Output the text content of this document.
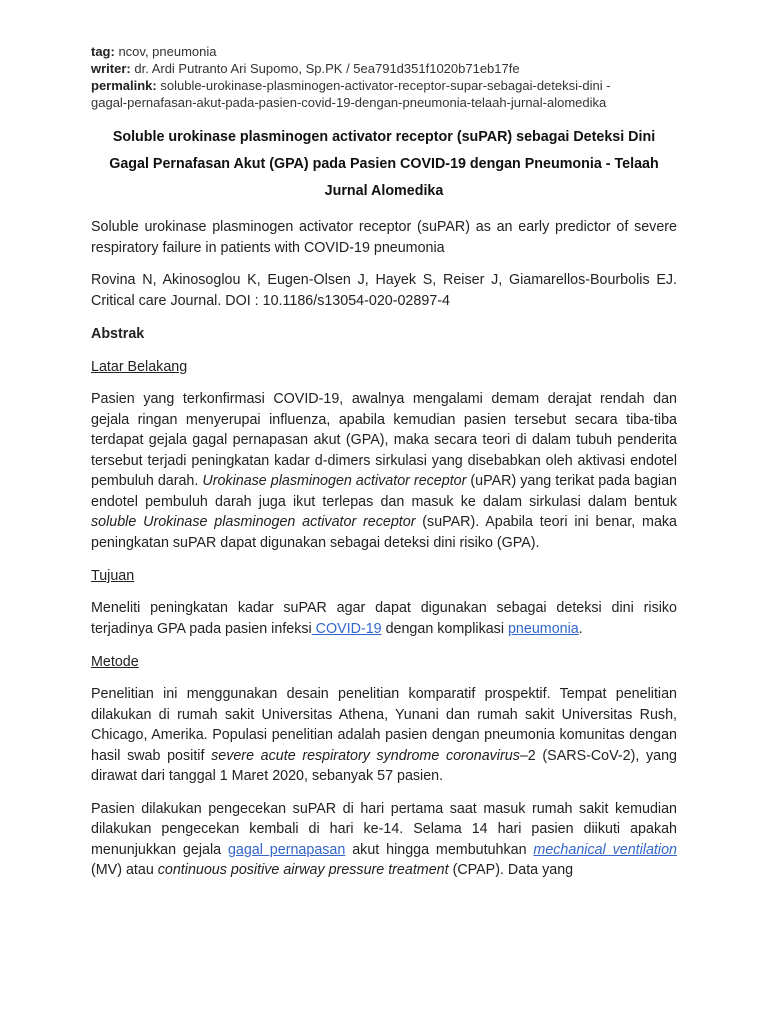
tag: ncov, pneumonia
writer: dr. Ardi Putranto Ari Supomo, Sp.PK / 5ea791d351f1020b71eb17fe
permalink: soluble-urokinase-plasminogen-activator-receptor-supar-sebagai-deteksi-dini -
gagal-pernafasan-akut-pada-pasien-covid-19-dengan-pneumonia-telaah-jurnal-alomedika
Soluble urokinase plasminogen activator receptor (suPAR) sebagai Deteksi Dini Gagal Pernafasan Akut (GPA) pada Pasien COVID-19 dengan Pneumonia - Telaah Jurnal Alomedika

Soluble urokinase plasminogen activator receptor (suPAR) as an early predictor of severe respiratory failure in patients with COVID-19 pneumonia

Rovina N, Akinosoglou K, Eugen-Olsen J, Hayek S, Reiser J, Giamarellos-Bourbolis EJ. Critical care Journal. DOI : 10.1186/s13054-020-02897-4

Abstrak
Latar Belakang

Pasien yang terkonfirmasi COVID-19, awalnya mengalami demam derajat rendah dan gejala ringan menyerupai influenza, apabila kemudian pasien tersebut secara tiba-tiba terdapat gejala gagal pernapasan akut (GPA), maka secara teori di dalam tubuh penderita tersebut terjadi peningkatan kadar d-dimers sirkulasi yang disebabkan oleh aktivasi endotel pembuluh darah. Urokinase plasminogen activator receptor (uPAR) yang terikat pada bagian endotel pembuluh darah juga ikut terlepas dan masuk ke dalam sirkulasi dalam bentuk soluble Urokinase plasminogen activator receptor (suPAR). Apabila teori ini benar, maka peningkatan suPAR dapat digunakan sebagai deteksi dini risiko (GPA).

Tujuan

Meneliti peningkatan kadar suPAR agar dapat digunakan sebagai deteksi dini risiko terjadinya GPA pada pasien infeksi COVID-19 dengan komplikasi pneumonia.

Metode

Penelitian ini menggunakan desain penelitian komparatif prospektif. Tempat penelitian dilakukan di rumah sakit Universitas Athena, Yunani dan rumah sakit Universitas Rush, Chicago, Amerika. Populasi penelitian adalah pasien dengan pneumonia komunitas dengan hasil swab positif severe acute respiratory syndrome coronavirus–2 (SARS-CoV-2), yang dirawat dari tanggal 1 Maret 2020, sebanyak 57 pasien.

Pasien dilakukan pengecekan suPAR di hari pertama saat masuk rumah sakit kemudian dilakukan pengecekan kembali di hari ke-14. Selama 14 hari pasien diikuti apakah menunjukkan gejala gagal pernapasan akut hingga membutuhkan mechanical ventilation (MV) atau continuous positive airway pressure treatment (CPAP). Data yang
